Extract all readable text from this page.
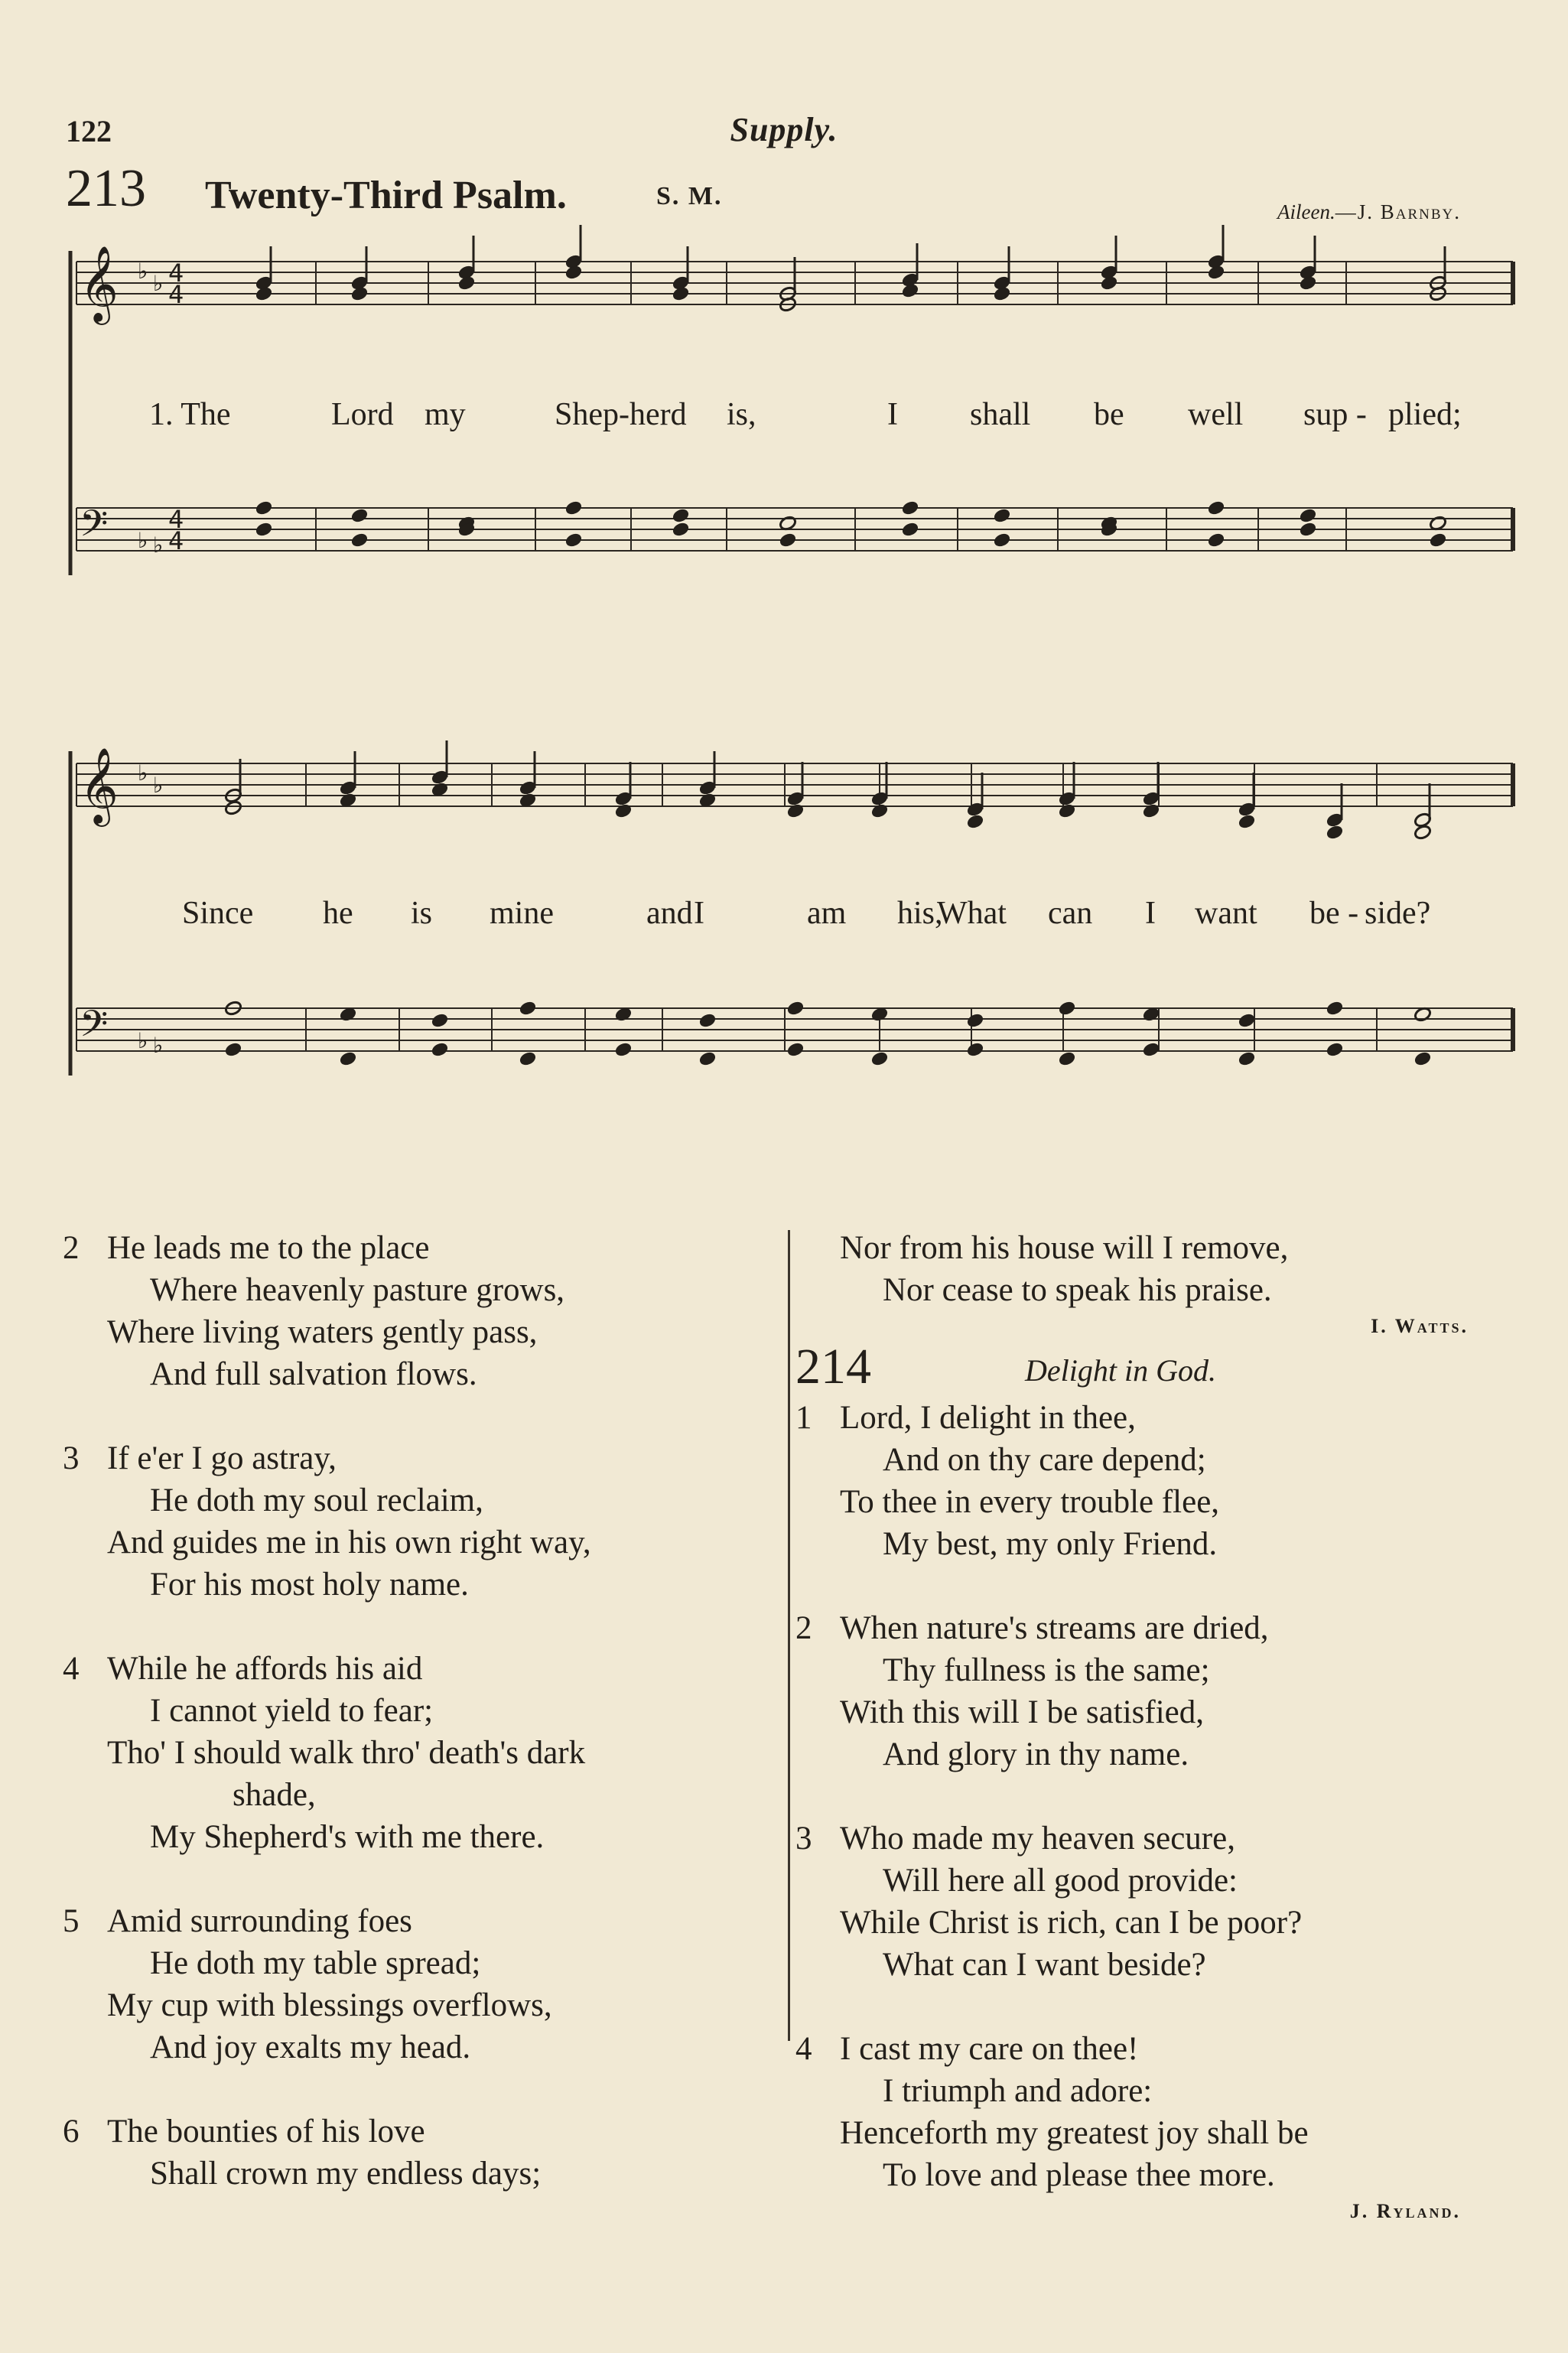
122	Supply.
213 Twenty-Third Psalm.	S. M.
Aileen.—J. Barnby.
𝄞 ♭ ♭ 4
4
𝄢 ♭ ♭
4
4
𝄞 ♭ ♭
𝄢 ♭ ♭
1. The	Lord my	Shep-herd is,	I shall be well sup - plied;
Since he is mine	and I	am his,
What can I want be - side?
2 He leads me to the place
Where heavenly pasture grows,
Where living waters gently pass,
And full salvation flows.
3 If e'er I go astray,
He doth my soul reclaim,
And guides me in his own right way,
For his most holy name.
4 While he affords his aid
I cannot yield to fear;
Tho' I should walk thro' death's dark
shade,
My Shepherd's with me there.
5 Amid surrounding foes
He doth my table spread;
My cup with blessings overflows,
And joy exalts my head.
6 The bounties of his love
Shall crown my endless days;
Nor from his house will I remove,
Nor cease to speak his praise.
I. Watts.
214	Delight in God.
1 Lord, I delight in thee,
And on thy care depend;
To thee in every trouble flee,
My best, my only Friend.
2 When nature's streams are dried,
Thy fullness is the same;
With this will I be satisfied,
And glory in thy name.
3 Who made my heaven secure,
Will here all good provide:
While Christ is rich, can I be poor?
What can I want beside?
4 I cast my care on thee!
I triumph and adore:
Henceforth my greatest joy shall be
To love and please thee more.
J. Ryland.
